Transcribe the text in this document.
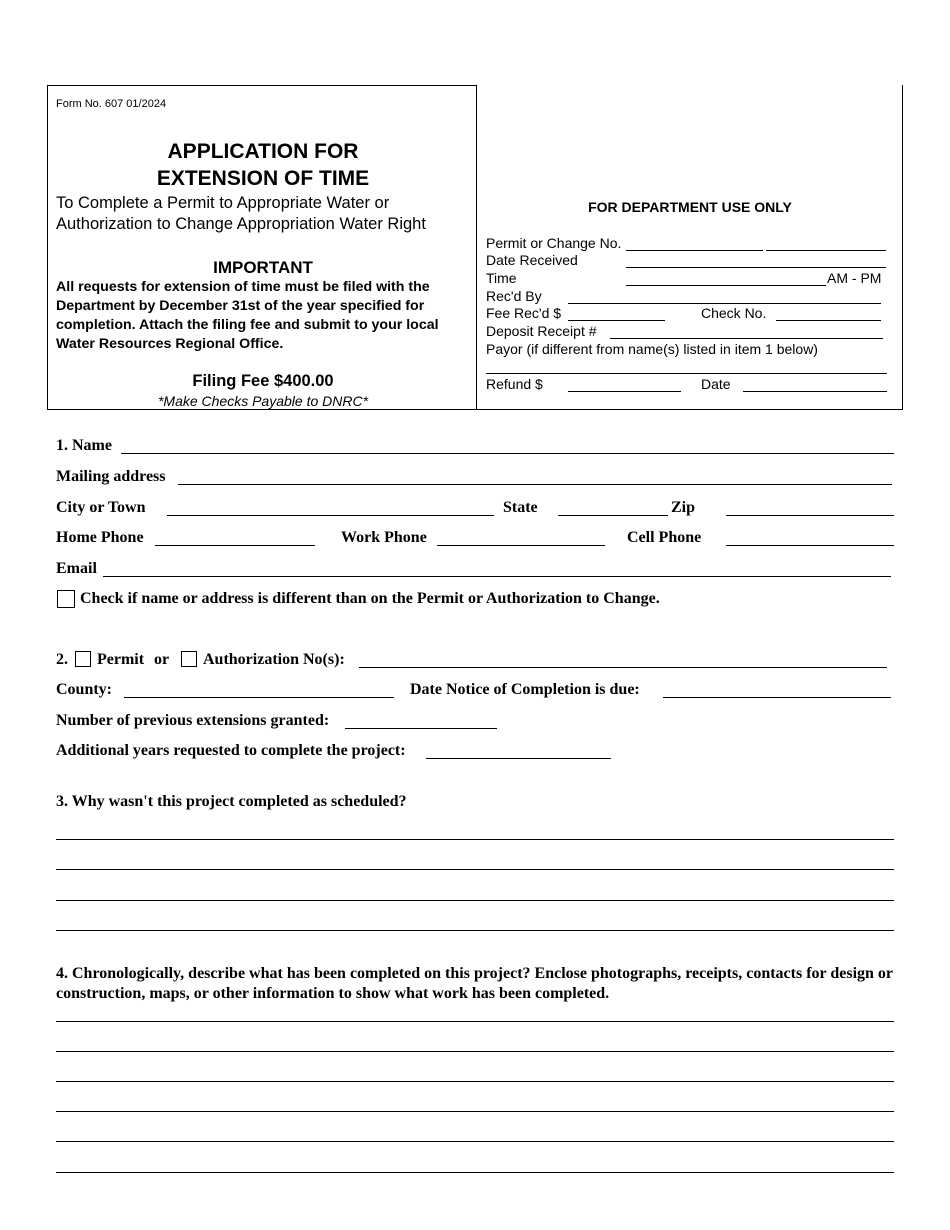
Form No. 607 01/2024
APPLICATION FOR
EXTENSION OF TIME
To Complete a Permit to Appropriate Water or
Authorization to Change Appropriation Water Right
IMPORTANT
All requests for extension of time must be filed with the Department by December 31st of the year specified for completion. Attach the filing fee and submit to your local Water Resources Regional Office.
Filing Fee $400.00
*Make Checks Payable to DNRC*
FOR DEPARTMENT USE ONLY
Permit or Change No.
Date Received
Time	AM - PM
Rec'd By
Fee Rec'd $	Check No.
Deposit Receipt #
Payor (if different from name(s) listed in item 1 below)
Refund $	Date
1. Name
Mailing address
City or Town	State	Zip
Home Phone	Work Phone	Cell Phone
Email
Check if name or address is different than on the Permit or Authorization to Change.
2. Permit or Authorization No(s):
County:	Date Notice of Completion is due:
Number of previous extensions granted:
Additional years requested to complete the project:
3. Why wasn't this project completed as scheduled?
4. Chronologically, describe what has been completed on this project? Enclose photographs, receipts, contacts for design or construction, maps, or other information to show what work has been completed.
